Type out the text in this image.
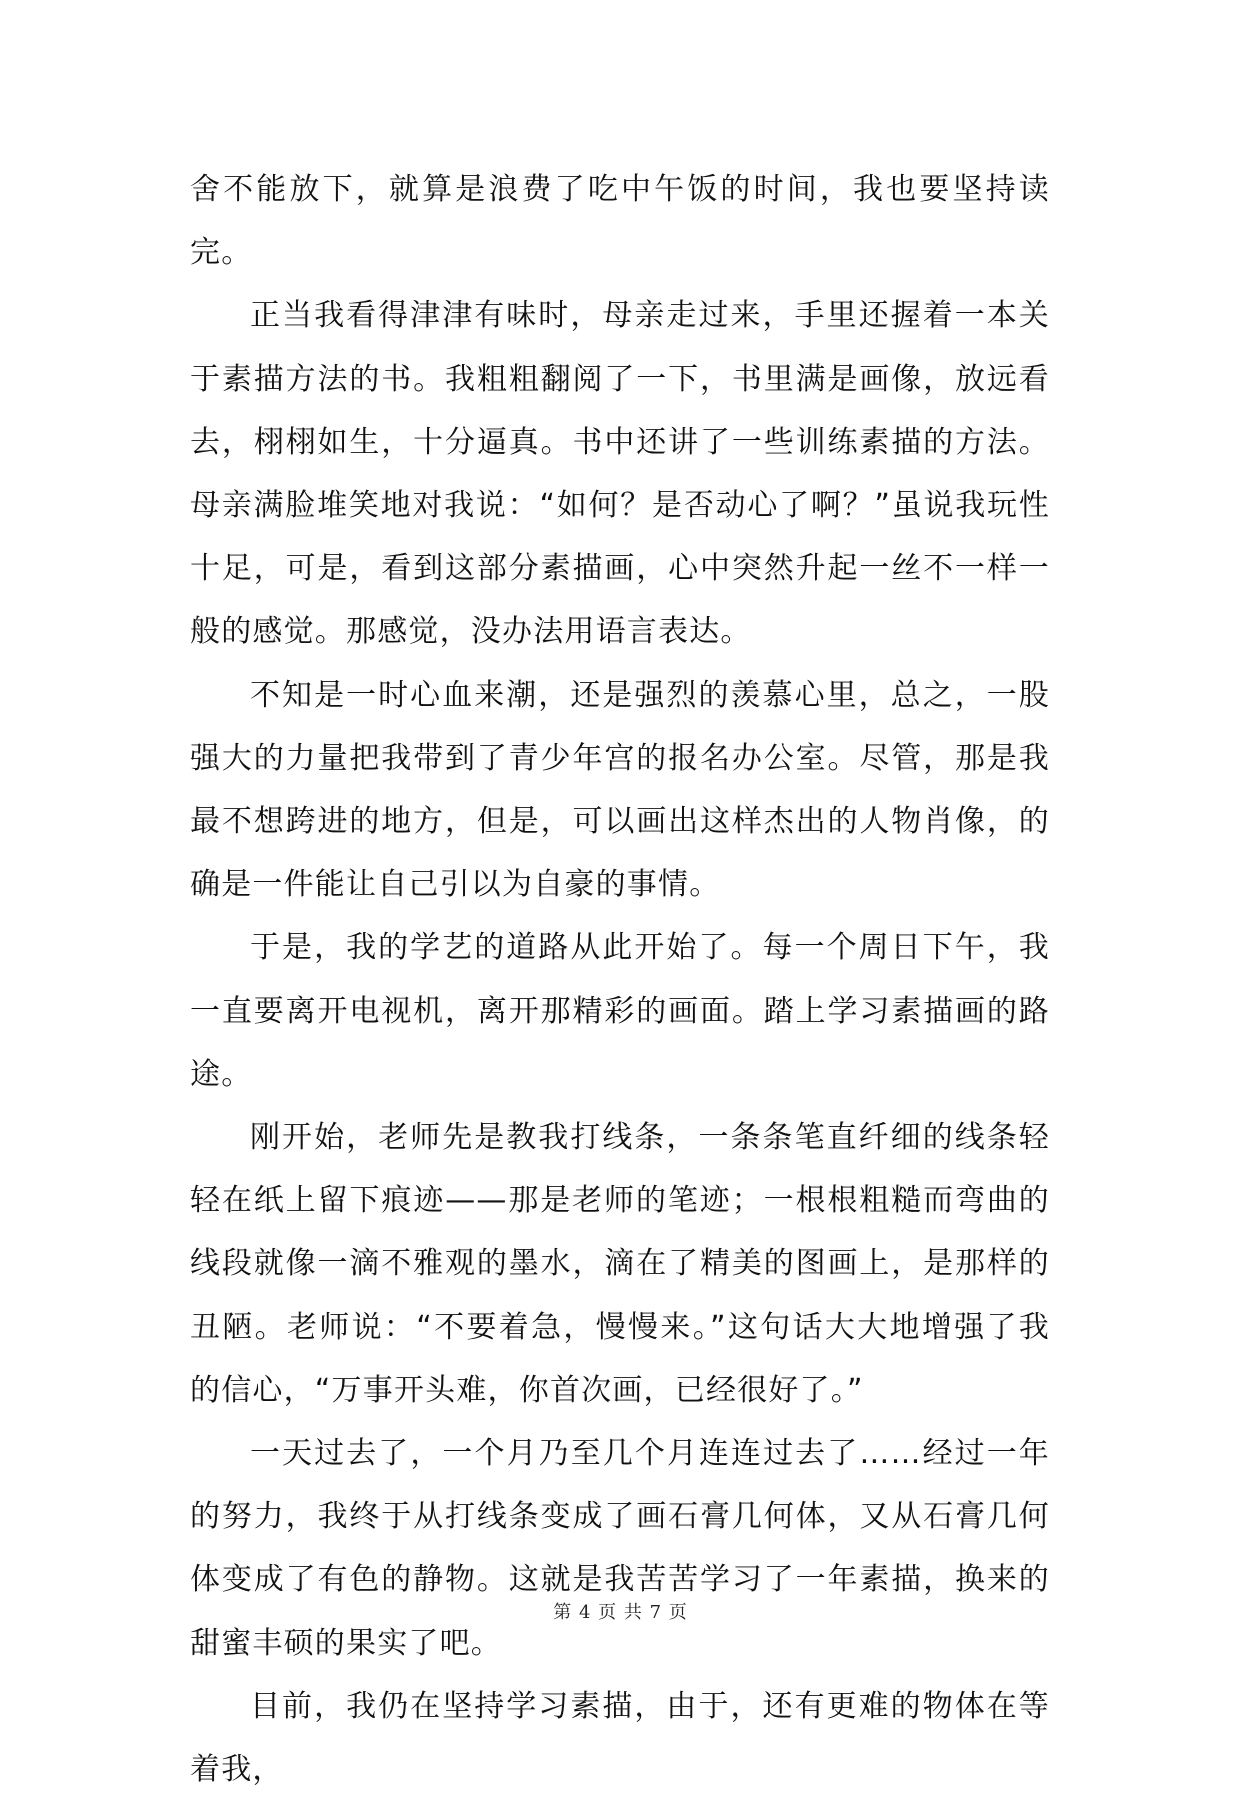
舍不能放下，就算是浪费了吃中午饭的时间，我也要坚持读完。

正当我看得津津有味时，母亲走过来，手里还握着一本关于素描方法的书。我粗粗翻阅了一下，书里满是画像，放远看去，栩栩如生，十分逼真。书中还讲了一些训练素描的方法。母亲满脸堆笑地对我说：“如何？是否动心了啊？”虽说我玩性十足，可是，看到这部分素描画，心中突然升起一丝不一样一般的感觉。那感觉，没办法用语言表达。

不知是一时心血来潮，还是强烈的羡慕心里，总之，一股强大的力量把我带到了青少年宫的报名办公室。尽管，那是我最不想跨进的地方，但是，可以画出这样杰出的人物肖像，的确是一件能让自己引以为自豪的事情。

于是，我的学艺的道路从此开始了。每一个周日下午，我一直要离开电视机，离开那精彩的画面。踏上学习素描画的路途。

刚开始，老师先是教我打线条，一条条笔直纤细的线条轻轻在纸上留下痕迹——那是老师的笔迹；一根根粗糙而弯曲的线段就像一滴不雅观的墨水，滴在了精美的图画上，是那样的丑陋。老师说：“不要着急，慢慢来。”这句话大大地增强了我的信心，“万事开头难，你首次画，已经很好了。”

一天过去了，一个月乃至几个月连连过去了……经过一年的努力，我终于从打线条变成了画石膏几何体，又从石膏几何体变成了有色的静物。这就是我苦苦学习了一年素描，换来的甜蜜丰硕的果实了吧。

目前，我仍在坚持学习素描，由于，还有更难的物体在等着我，

第 4 页 共 7 页
